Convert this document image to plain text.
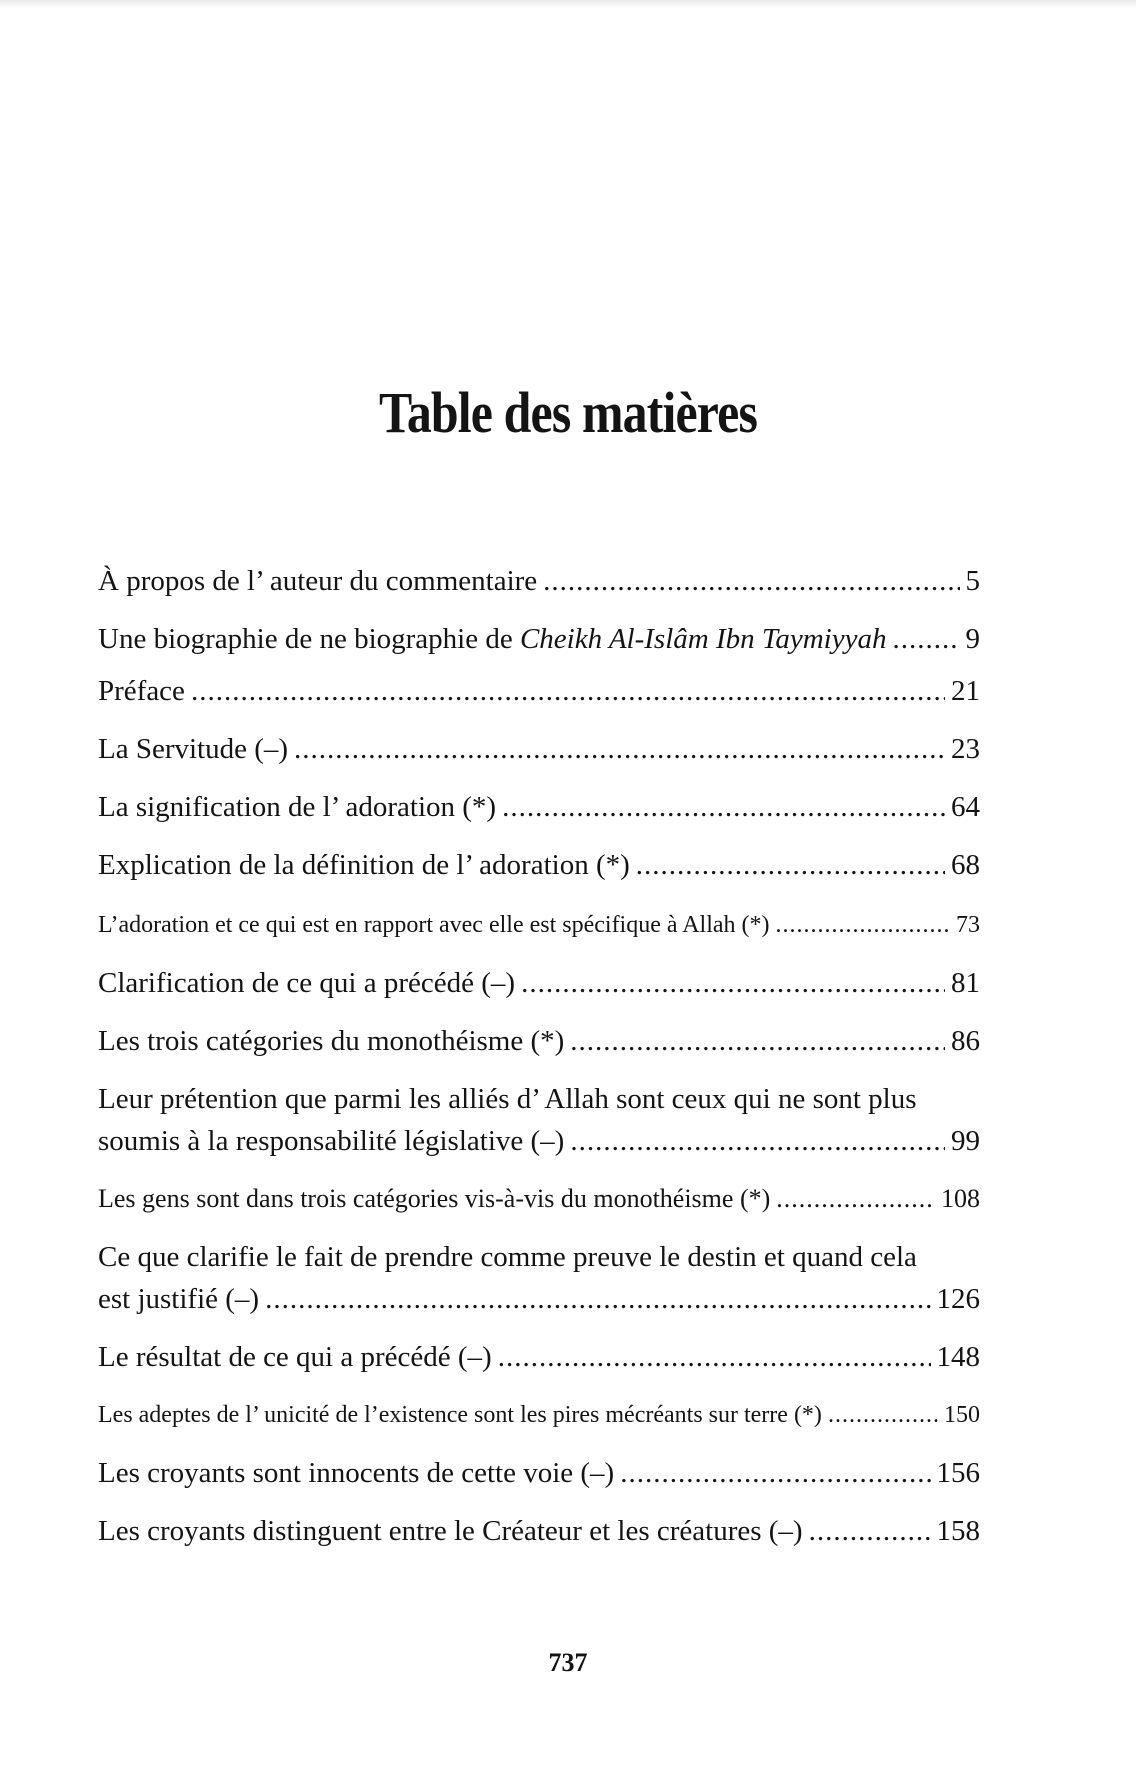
Table des matières
À propos de l’ auteur du commentaire .....	5
Une biographie de ne biographie de Cheikh Al-Islâm Ibn Taymiyyah .....	9
Préface .....	21
La Servitude (–) .....	23
La signification de l’ adoration (*) .....	64
Explication de la définition de l’ adoration (*) .....	68
L’adoration et ce qui est en rapport avec elle est spécifique à Allah (*) .....	73
Clarification de ce qui a précédé (–) .....	81
Les trois catégories du monothéisme (*) .....	86
Leur prétention que parmi les alliés d’ Allah sont ceux qui ne sont plus
soumis à la responsabilité législative (–) .....	99
Les gens sont dans trois catégories vis-à-vis du monothéisme (*) .....	108
Ce que clarifie le fait de prendre comme preuve le destin et quand cela
est justifié (–) .....	126
Le résultat de ce qui a précédé (–) .....	148
Les adeptes de l’ unicité de l’existence sont les pires mécréants sur terre (*) .....	150
Les croyants sont innocents de cette voie (–) .....	156
Les croyants distinguent entre le Créateur et les créatures (–) .....	158
737
